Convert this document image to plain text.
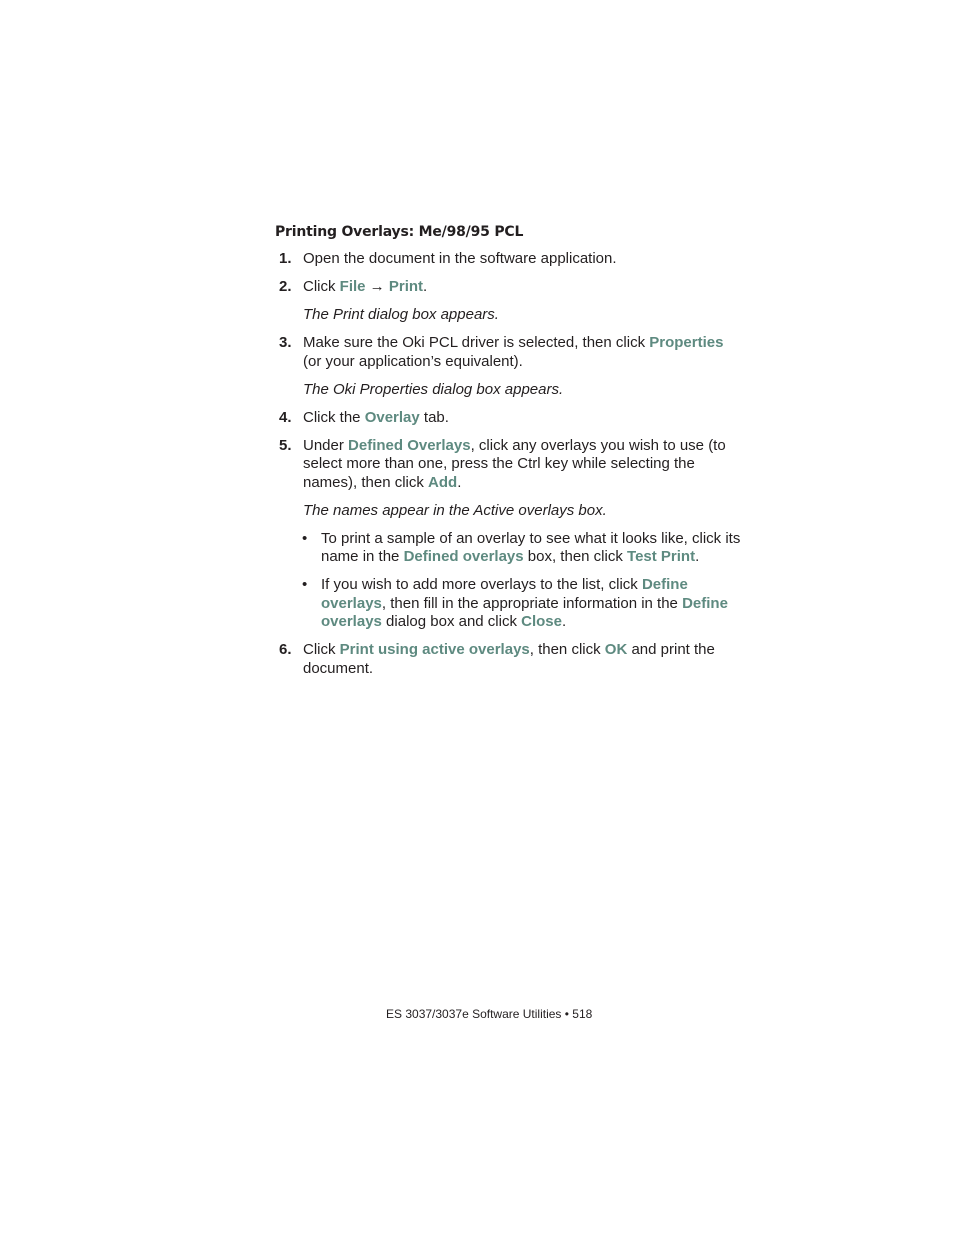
Printing Overlays: Me/98/95 PCL
1. Open the document in the software application.
2. Click File → Print.
The Print dialog box appears.
3. Make sure the Oki PCL driver is selected, then click Properties (or your application’s equivalent).
The Oki Properties dialog box appears.
4. Click the Overlay tab.
5. Under Defined Overlays, click any overlays you wish to use (to select more than one, press the Ctrl key while selecting the names), then click Add.
The names appear in the Active overlays box.
• To print a sample of an overlay to see what it looks like, click its name in the Defined overlays box, then click Test Print.
• If you wish to add more overlays to the list, click Define overlays, then fill in the appropriate information in the Define overlays dialog box and click Close.
6. Click Print using active overlays, then click OK and print the document.
ES 3037/3037e Software Utilities • 518
